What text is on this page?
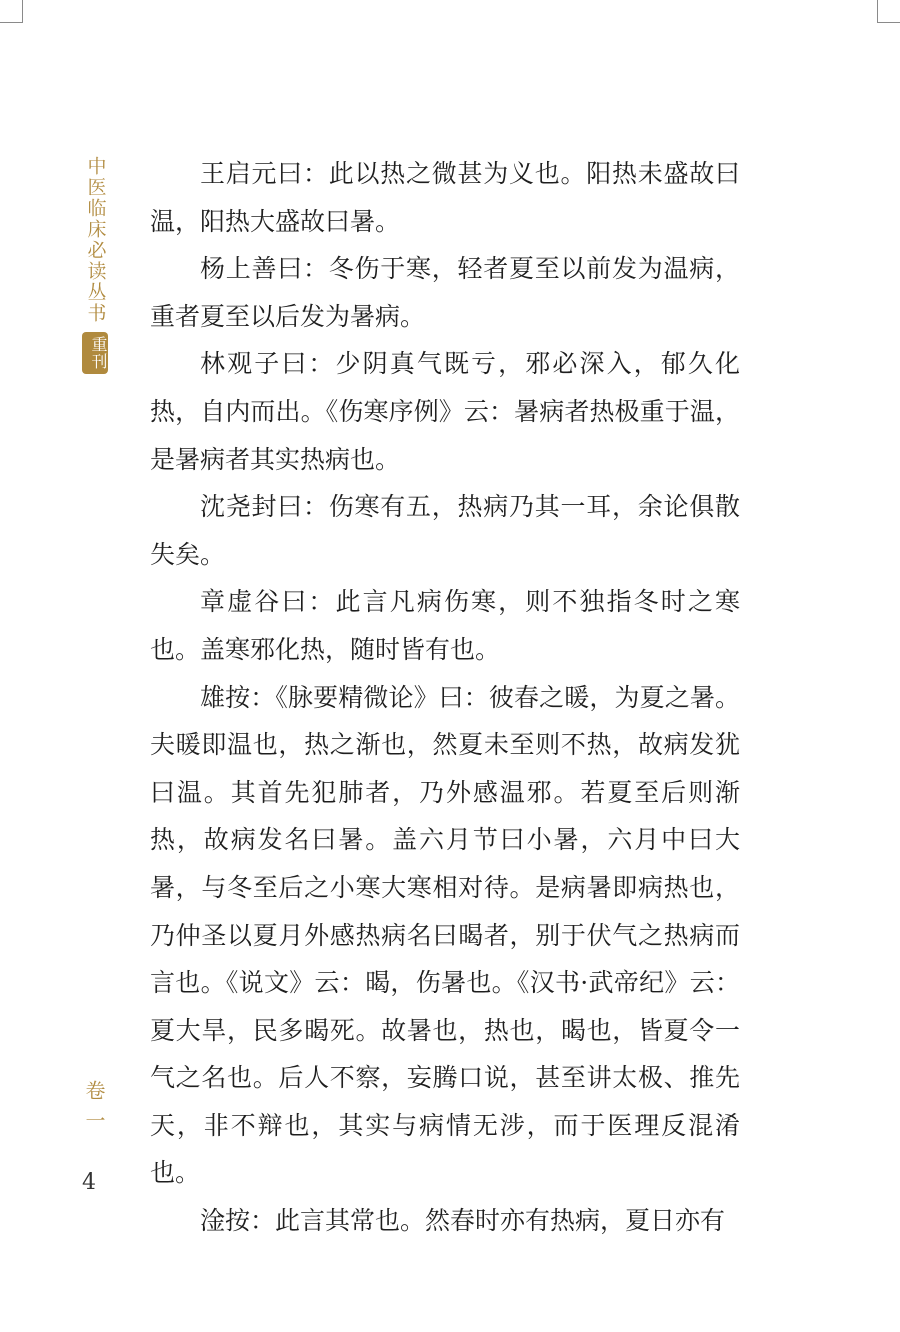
中医临床必读丛书
重刊
卷一
4

王启元曰：此以热之微甚为义也。阳热未盛故曰温，阳热大盛故曰暑。

杨上善曰：冬伤于寒，轻者夏至以前发为温病，重者夏至以后发为暑病。

林观子曰：少阴真气既亏，邪必深入，郁久化热，自内而出。《伤寒序例》云：暑病者热极重于温，是暑病者其实热病也。

沈尧封曰：伤寒有五，热病乃其一耳，余论俱散失矣。

章虚谷曰：此言凡病伤寒，则不独指冬时之寒也。盖寒邪化热，随时皆有也。

雄按：《脉要精微论》曰：彼春之暖，为夏之暑。夫暖即温也，热之渐也，然夏未至则不热，故病发犹曰温。其首先犯肺者，乃外感温邪。若夏至后则渐热，故病发名曰暑。盖六月节曰小暑，六月中曰大暑，与冬至后之小寒大寒相对待。是病暑即病热也，乃仲圣以夏月外感热病名曰暍者，别于伏气之热病而言也。《说文》云：暍，伤暑也。《汉书·武帝纪》云：夏大旱，民多暍死。故暑也，热也，暍也，皆夏令一气之名也。后人不察，妄腾口说，甚至讲太极、推先天，非不辩也，其实与病情无涉，而于医理反混淆也。

淦按：此言其常也。然春时亦有热病，夏日亦有
